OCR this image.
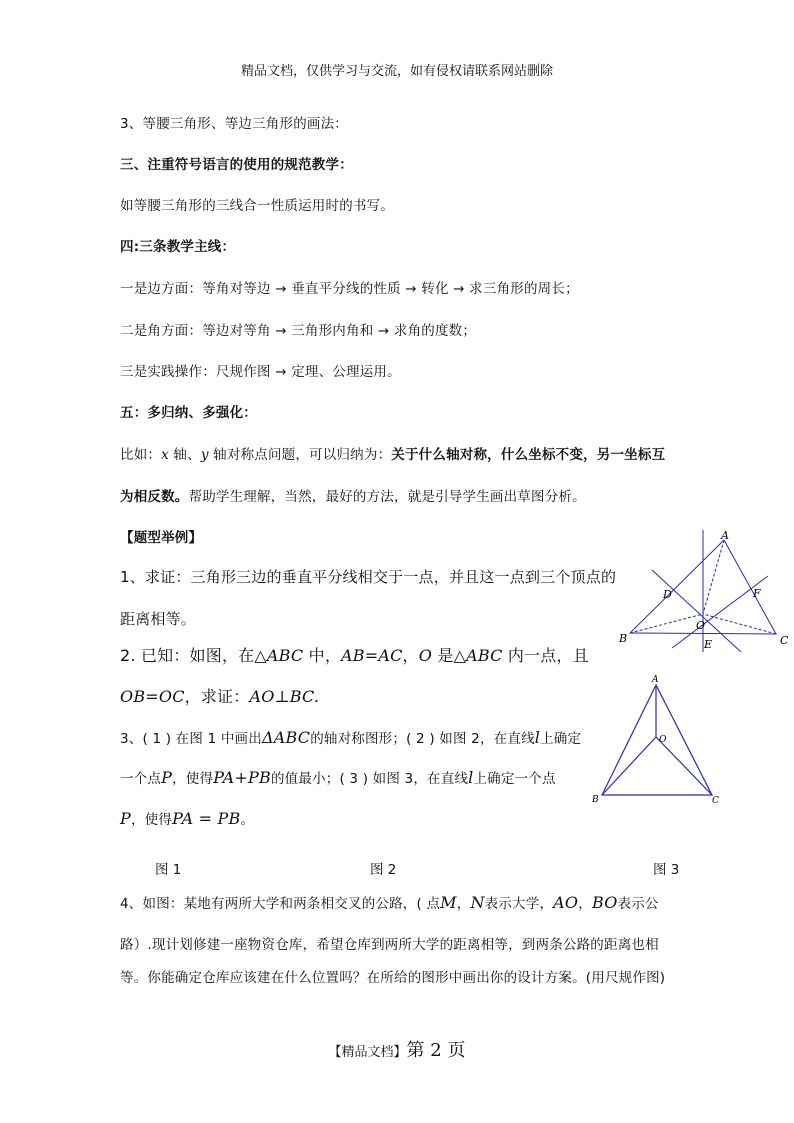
精品文档，仅供学习与交流，如有侵权请联系网站删除
3、等腰三角形、等边三角形的画法：
三、注重符号语言的使用的规范教学：
如等腰三角形的三线合一性质运用时的书写。
四:三条教学主线：
一是边方面：等角对等边 → 垂直平分线的性质 → 转化 → 求三角形的周长；
二是角方面：等边对等角 → 三角形内角和 → 求角的度数；
三是实践操作：尺规作图 → 定理、公理运用。
五：多归纳、多强化：
比如：x 轴、y 轴对称点问题，可以归纳为：关于什么轴对称，什么坐标不变，另一坐标互
为相反数。帮助学生理解，当然，最好的方法，就是引导学生画出草图分析。
【题型举例】
1、求证：三角形三边的垂直平分线相交于一点，并且这一点到三个顶点的
距离相等。
2. 已知：如图，在△ABC 中，AB=AC，O 是△ABC 内一点，且
OB=OC，求证：AO⊥BC.
3、( 1 ) 在图 1 中画出ΔABC的轴对称图形；( 2 ) 如图 2，在直线l上确定
一个点P，使得PA+PB的值最小；( 3 ) 如图 3，在直线l上确定一个点
P，使得PA = PB。
图 1	图 2	图 3
4、如图：某地有两所大学和两条相交叉的公路，( 点M，N表示大学，AO，BO表示公
路）.现计划修建一座物资仓库，希望仓库到两所大学的距离相等，到两条公路的距离也相
等。你能确定仓库应该建在什么位置吗？在所给的图形中画出你的设计方案。(用尺规作图)
A
B	C
D
E
F
O
A
B	C
O
【精品文档】第 2 页
